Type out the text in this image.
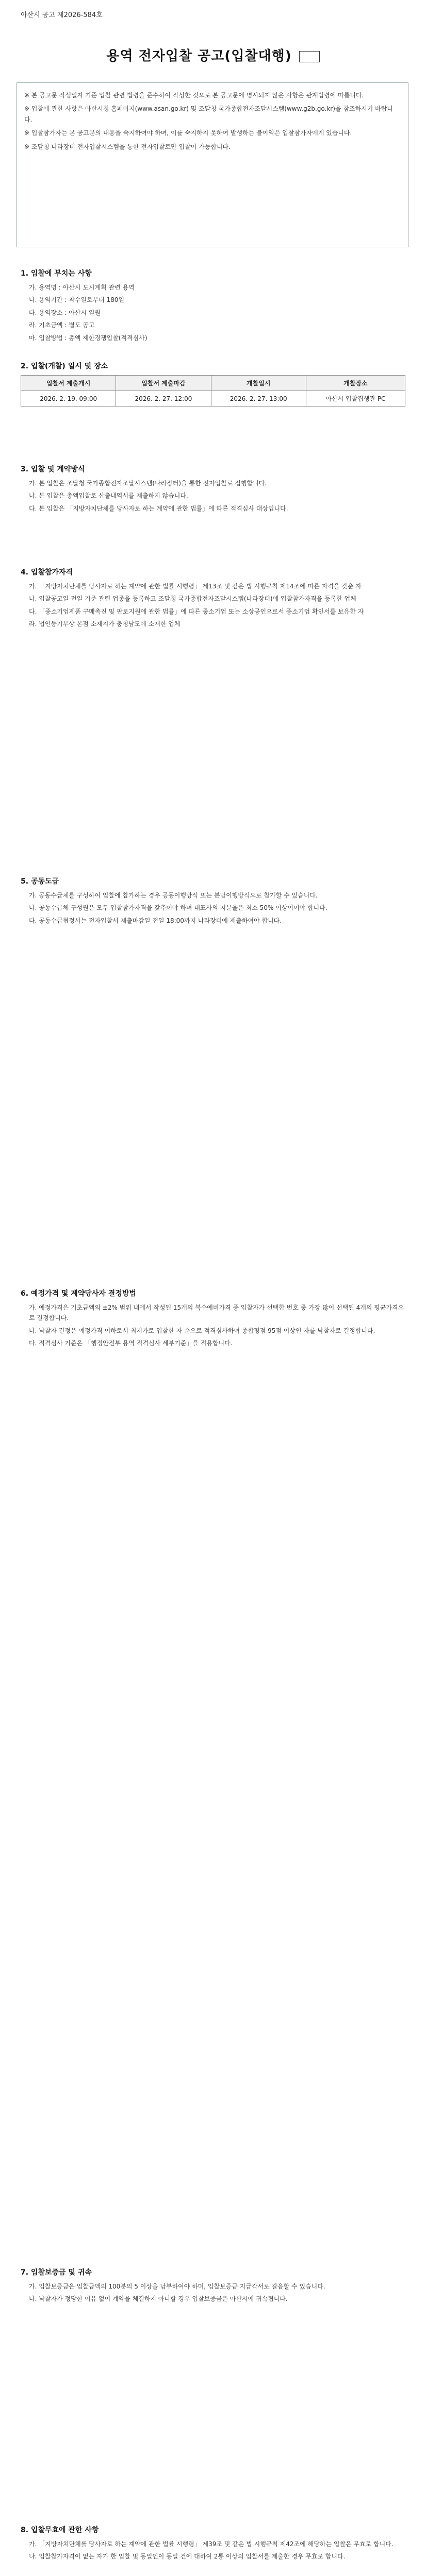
아산시 공고 제2026-584호
용역 전자입찰 공고(입찰대행)

※ 본 공고문 작성일자 기준 입찰 관련 법령을 준수하여 작성한 것으로 본 공고문에 명시되지 않은 사항은 관계법령에 따릅니다.

※ 입찰에 관한 사항은 아산시청 홈페이지(www.asan.go.kr) 및 조달청 국가종합전자조달시스템(www.g2b.go.kr)을 참조하시기 바랍니다.

※ 입찰참가자는 본 공고문의 내용을 숙지하여야 하며, 이를 숙지하지 못하여 발생하는 불이익은 입찰참가자에게 있습니다.

※ 조달청 나라장터 전자입찰시스템을 통한 전자입찰로만 입찰이 가능합니다.

1. 입찰에 부치는 사항

가. 용역명 : 아산시 도시계획 관련 용역

나. 용역기간 : 착수일로부터 180일

다. 용역장소 : 아산시 일원

라. 기초금액 : 별도 공고

마. 입찰방법 : 총액 제한경쟁입찰(적격심사)

2. 입찰(개찰) 일시 및 장소
입찰서 제출개시	입찰서 제출마감	개찰일시	개찰장소
2026. 2. 19. 09:00	2026. 2. 27. 12:00	2026. 2. 27. 13:00	아산시 입찰집행관 PC
3. 입찰 및 계약방식

가. 본 입찰은 조달청 국가종합전자조달시스템(나라장터)을 통한 전자입찰로 집행합니다.

나. 본 입찰은 총액입찰로 산출내역서를 제출하지 않습니다.

다. 본 입찰은 「지방자치단체를 당사자로 하는 계약에 관한 법률」에 따른 적격심사 대상입니다.

4. 입찰참가자격

가. 「지방자치단체를 당사자로 하는 계약에 관한 법률 시행령」 제13조 및 같은 법 시행규칙 제14조에 따른 자격을 갖춘 자

나. 입찰공고일 전일 기준 관련 업종을 등록하고 조달청 국가종합전자조달시스템(나라장터)에 입찰참가자격을 등록한 업체

다. 「중소기업제품 구매촉진 및 판로지원에 관한 법률」에 따른 중소기업 또는 소상공인으로서 중소기업 확인서를 보유한 자

라. 법인등기부상 본점 소재지가 충청남도에 소재한 업체

5. 공동도급

가. 공동수급체를 구성하여 입찰에 참가하는 경우 공동이행방식 또는 분담이행방식으로 참가할 수 있습니다.

나. 공동수급체 구성원은 모두 입찰참가자격을 갖추어야 하며 대표사의 지분율은 최소 50% 이상이어야 합니다.

다. 공동수급협정서는 전자입찰서 제출마감일 전일 18:00까지 나라장터에 제출하여야 합니다.

6. 예정가격 및 계약당사자 결정방법

가. 예정가격은 기초금액의 ±2% 범위 내에서 작성된 15개의 복수예비가격 중 입찰자가 선택한 번호 중 가장 많이 선택된 4개의 평균가격으로 결정합니다.

나. 낙찰자 결정은 예정가격 이하로서 최저가로 입찰한 자 순으로 적격심사하여 종합평점 95점 이상인 자를 낙찰자로 결정합니다.

다. 적격심사 기준은 「행정안전부 용역 적격심사 세부기준」을 적용합니다.

7. 입찰보증금 및 귀속

가. 입찰보증금은 입찰금액의 100분의 5 이상을 납부하여야 하며, 입찰보증금 지급각서로 갈음할 수 있습니다.

나. 낙찰자가 정당한 이유 없이 계약을 체결하지 아니할 경우 입찰보증금은 아산시에 귀속됩니다.

8. 입찰무효에 관한 사항

가. 「지방자치단체를 당사자로 하는 계약에 관한 법률 시행령」 제39조 및 같은 법 시행규칙 제42조에 해당하는 입찰은 무효로 합니다.

나. 입찰참가자격이 없는 자가 한 입찰 및 동일인이 동일 건에 대하여 2통 이상의 입찰서를 제출한 경우 무효로 합니다.
